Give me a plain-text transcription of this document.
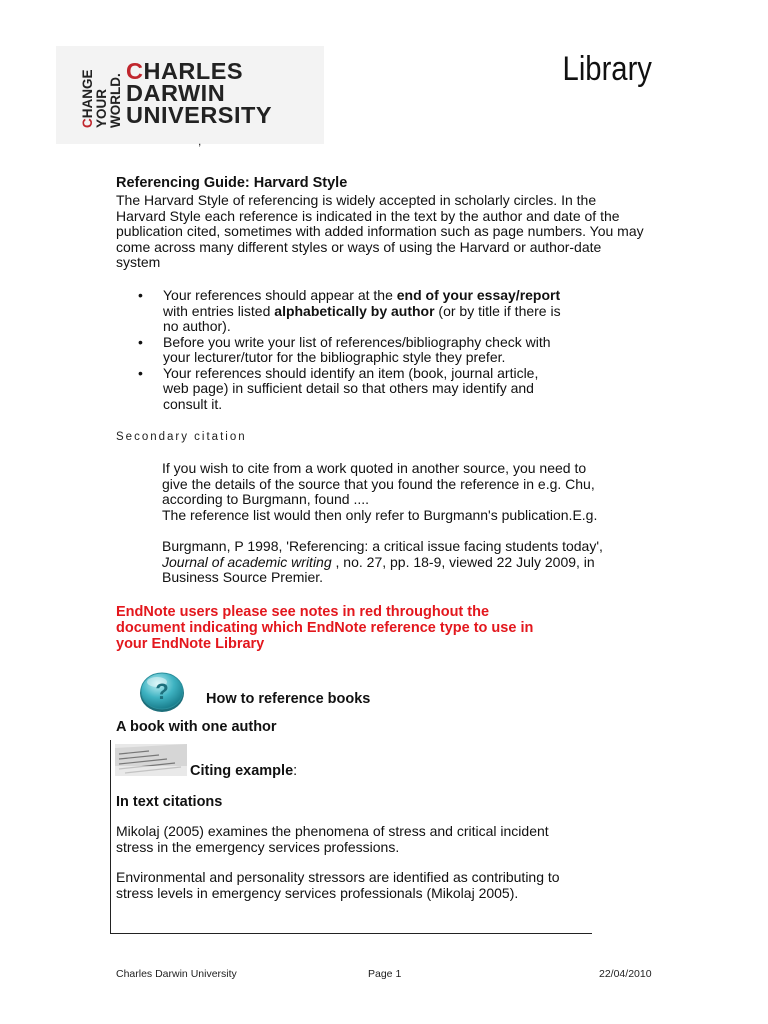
CHANGE YOUR WORLD.
CHARLES
DARWIN
UNIVERSITY
,
Library
Referencing Guide: Harvard Style
The Harvard Style of referencing is widely accepted in scholarly circles. In the Harvard Style each reference is indicated in the text by the author and date of the publication cited, sometimes with added information such as page numbers. You may come across many different styles or ways of using the Harvard or author-date system
• Your references should appear at the end of your essay/report with entries listed alphabetically by author (or by title if there is no author).
• Before you write your list of references/bibliography check with your lecturer/tutor for the bibliographic style they prefer.
• Your references should identify an item (book, journal article, web page) in sufficient detail so that others may identify and consult it.
Secondary citation
If you wish to cite from a work quoted in another source, you need to give the details of the source that you found the reference in e.g. Chu, according to Burgmann, found ....
The reference list would then only refer to Burgmann's publication.E.g.
Burgmann, P 1998, 'Referencing: a critical issue facing students today', Journal of academic writing , no. 27, pp. 18-9, viewed 22 July 2009, in Business Source Premier.
EndNote users please see notes in red throughout the document indicating which EndNote reference type to use in your EndNote Library
?	How to reference books
A book with one author
Citing example:
In text citations
Mikolaj (2005) examines the phenomena of stress and critical incident stress in the emergency services professions.
Environmental and personality stressors are identified as contributing to stress levels in emergency services professionals (Mikolaj 2005).
Charles Darwin University	Page 1	22/04/2010
